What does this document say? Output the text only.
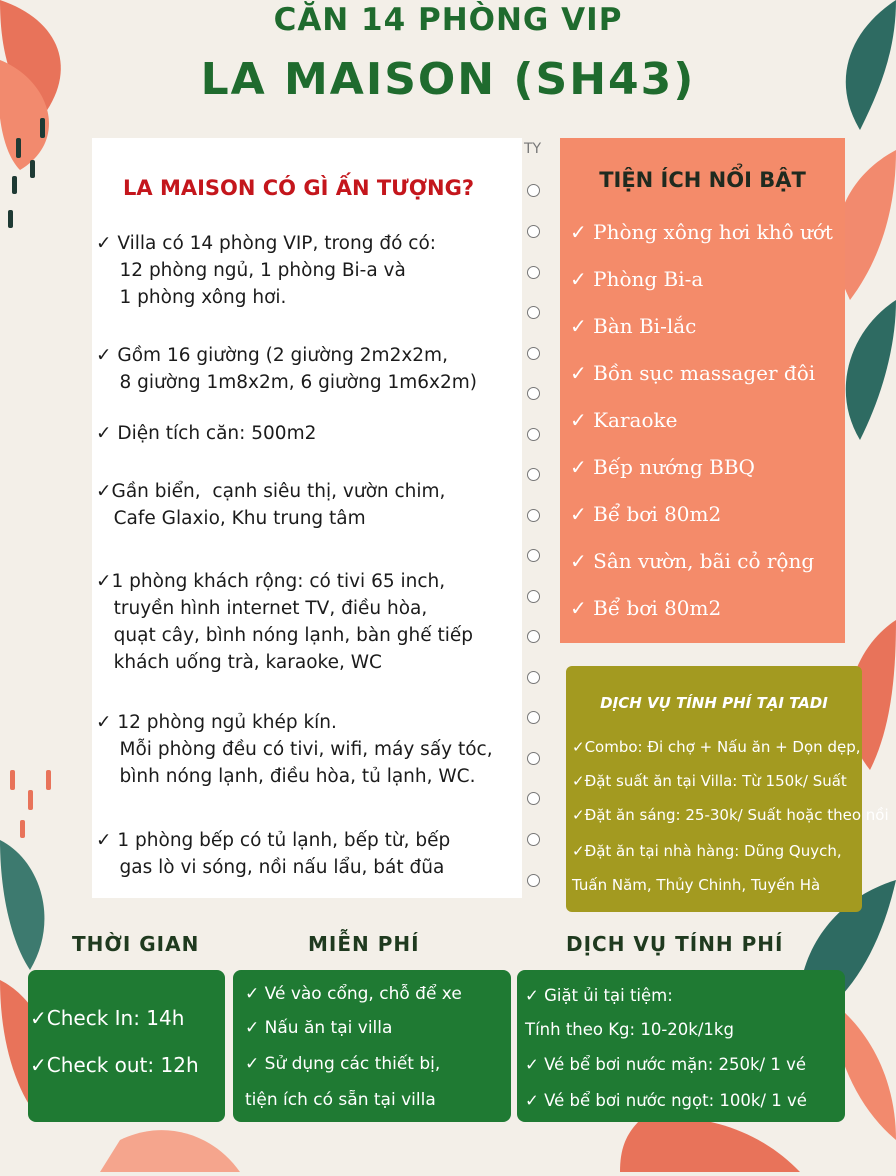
CĂN 14 PHÒNG VIP
LA MAISON (SH43)
TY
LA MAISON CÓ GÌ ẤN TƯỢNG?
✓ Villa có 14 phòng VIP, trong đó có:
12 phòng ngủ, 1 phòng Bi-a và
1 phòng xông hơi.
✓ Gồm 16 giường (2 giường 2m2x2m,
8 giường 1m8x2m, 6 giường 1m6x2m)
✓ Diện tích căn: 500m2
✓Gần biển,  cạnh siêu thị, vườn chim,
Cafe Glaxio, Khu trung tâm
✓1 phòng khách rộng: có tivi 65 inch,
truyền hình internet TV, điều hòa,
quạt cây, bình nóng lạnh, bàn ghế tiếp
khách uống trà, karaoke, WC
✓ 12 phòng ngủ khép kín.
Mỗi phòng đều có tivi, wifi, máy sấy tóc,
bình nóng lạnh, điều hòa, tủ lạnh, WC.
✓ 1 phòng bếp có tủ lạnh, bếp từ, bếp
gas lò vi sóng, nồi nấu lẩu, bát đũa
TIỆN ÍCH NỔI BẬT
✓ Phòng xông hơi khô ướt
✓ Phòng Bi-a
✓ Bàn Bi-lắc
✓ Bồn sục massager đôi
✓ Karaoke
✓ Bếp nướng BBQ
✓ Bể bơi 80m2
✓ Sân vườn, bãi cỏ rộng
✓ Bể bơi 80m2
DỊCH VỤ TÍNH PHÍ TẠI TADI
✓Combo: Đi chợ + Nấu ăn + Dọn dẹp,
✓Đặt suất ăn tại Villa: Từ 150k/ Suất
✓Đặt ăn sáng: 25-30k/ Suất hoặc theo nồi
✓Đặt ăn tại nhà hàng: Dũng Quych,
Tuấn Năm, Thủy Chinh, Tuyến Hà
THỜI GIAN	MIỄN PHÍ	DỊCH VỤ TÍNH PHÍ
✓Check In: 14h
✓Check out: 12h
✓ Vé vào cổng, chỗ để xe
✓ Nấu ăn tại villa
✓ Sử dụng các thiết bị,
tiện ích có sẵn tại villa
✓ Giặt ủi tại tiệm:
Tính theo Kg: 10-20k/1kg
✓ Vé bể bơi nước mặn: 250k/ 1 vé
✓ Vé bể bơi nước ngọt: 100k/ 1 vé
